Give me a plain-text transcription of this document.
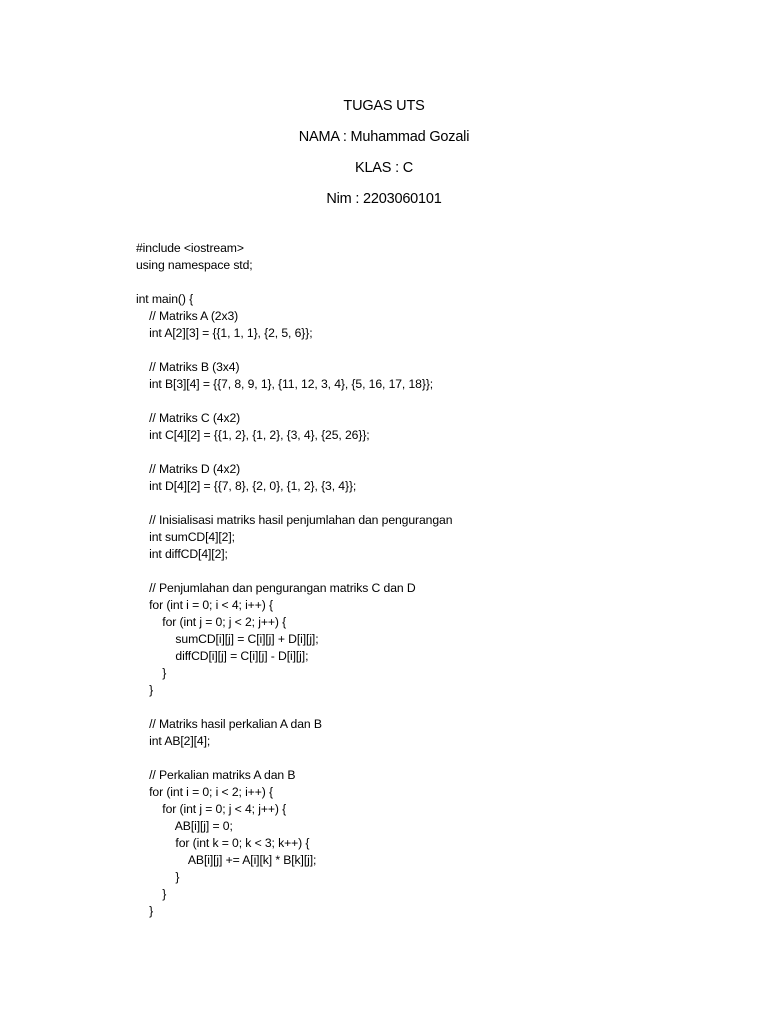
TUGAS UTS
NAMA : Muhammad Gozali
KLAS : C
Nim : 2203060101
#include <iostream>
using namespace std;
int main() {
// Matriks A (2x3)
int A[2][3] = {{1, 1, 1}, {2, 5, 6}};
// Matriks B (3x4)
int B[3][4] = {{7, 8, 9, 1}, {11, 12, 3, 4}, {5, 16, 17, 18}};
// Matriks C (4x2)
int C[4][2] = {{1, 2}, {1, 2}, {3, 4}, {25, 26}};
// Matriks D (4x2)
int D[4][2] = {{7, 8}, {2, 0}, {1, 2}, {3, 4}};
// Inisialisasi matriks hasil penjumlahan dan pengurangan
int sumCD[4][2];
int diffCD[4][2];
// Penjumlahan dan pengurangan matriks C dan D
for (int i = 0; i < 4; i++) {
for (int j = 0; j < 2; j++) {
sumCD[i][j] = C[i][j] + D[i][j];
diffCD[i][j] = C[i][j] - D[i][j];
}
}
// Matriks hasil perkalian A dan B
int AB[2][4];
// Perkalian matriks A dan B
for (int i = 0; i < 2; i++) {
for (int j = 0; j < 4; j++) {
AB[i][j] = 0;
for (int k = 0; k < 3; k++) {
AB[i][j] += A[i][k] * B[k][j];
}
}
}
